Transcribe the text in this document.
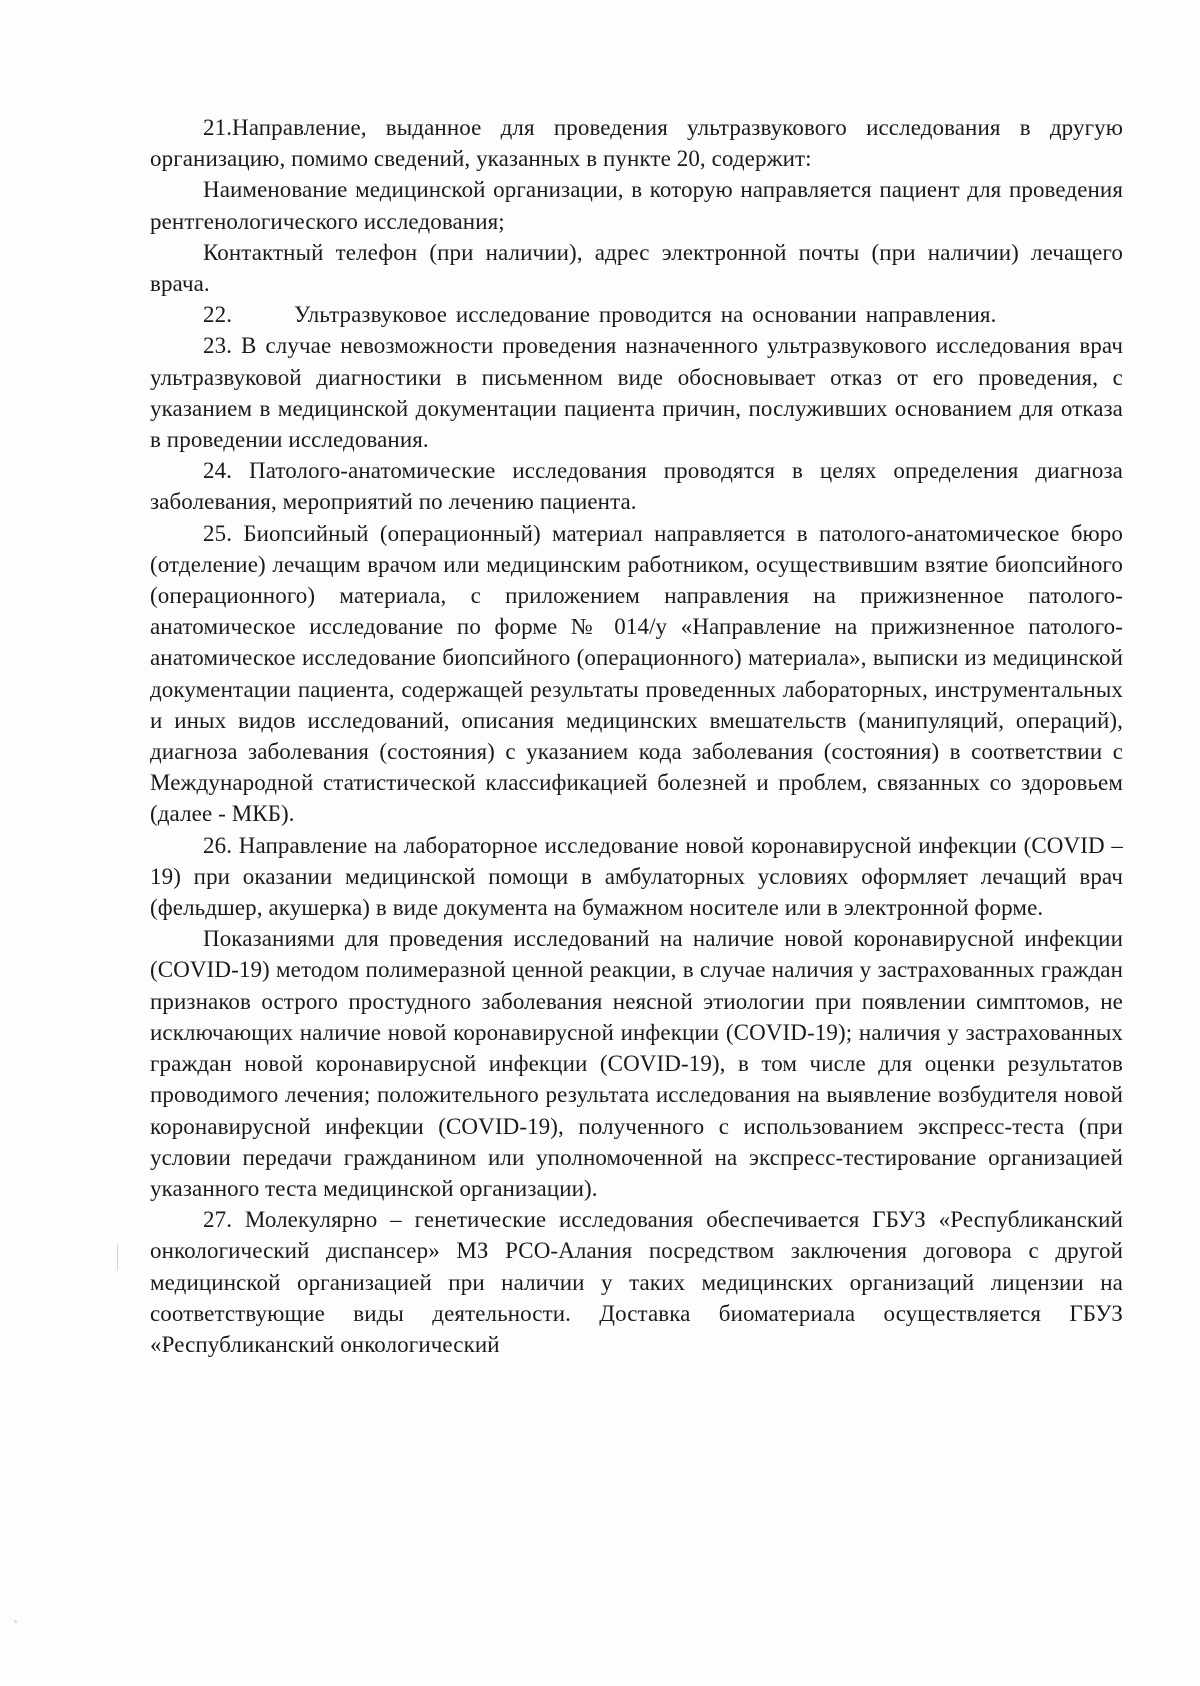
21.Направление, выданное для проведения ультразвукового исследования в другую организацию, помимо сведений, указанных в пункте 20, содержит:

Наименование медицинской организации, в которую направляется пациент для проведения рентгенологического исследования;

Контактный телефон (при наличии), адрес электронной почты (при наличии) лечащего врача.

22.       Ультразвуковое исследование проводится на основании направления.

23. В случае невозможности проведения назначенного ультразвукового исследования врач ультразвуковой диагностики в письменном виде обосновывает отказ от его проведения, с указанием в медицинской документации пациента причин, послуживших основанием для отказа в проведении исследования.

24. Патолого-анатомические исследования проводятся в целях определения диагноза заболевания, мероприятий по лечению пациента.

25. Биопсийный (операционный) материал направляется в патолого-анатомическое бюро (отделение) лечащим врачом или медицинским работником, осуществившим взятие биопсийного (операционного) материала, с приложением направления на прижизненное патолого-анатомическое исследование по форме № 014/у «Направление на прижизненное патолого-анатомическое исследование биопсийного (операционного) материала», выписки из медицинской документации пациента, содержащей результаты проведенных лабораторных, инструментальных и иных видов исследований, описания медицинских вмешательств (манипуляций, операций), диагноза заболевания (состояния) с указанием кода заболевания (состояния) в соответствии с Международной статистической классификацией болезней и проблем, связанных со здоровьем (далее - МКБ).

26. Направление на лабораторное исследование новой коронавирусной инфекции (COVID – 19) при оказании медицинской помощи в амбулаторных условиях оформляет лечащий врач (фельдшер, акушерка) в виде документа на бумажном носителе или в электронной форме.

Показаниями для проведения исследований на наличие новой коронавирусной инфекции (COVID-19) методом полимеразной ценной реакции, в случае наличия у застрахованных граждан признаков острого простудного заболевания неясной этиологии при появлении симптомов, не исключающих наличие новой коронавирусной инфекции (COVID-19); наличия у застрахованных граждан новой коронавирусной инфекции (COVID-19), в том числе для оценки результатов проводимого лечения; положительного результата исследования на выявление возбудителя новой коронавирусной инфекции (COVID-19), полученного с использованием экспресс-теста (при условии передачи гражданином или уполномоченной на экспресс-тестирование организацией указанного теста медицинской организации).

27. Молекулярно – генетические исследования обеспечивается ГБУЗ «Республиканский онкологический диспансер» МЗ РСО-Алания посредством заключения договора с другой медицинской организацией при наличии у таких медицинских организаций лицензии на соответствующие виды деятельности. Доставка биоматериала осуществляется ГБУЗ «Республиканский онкологический
